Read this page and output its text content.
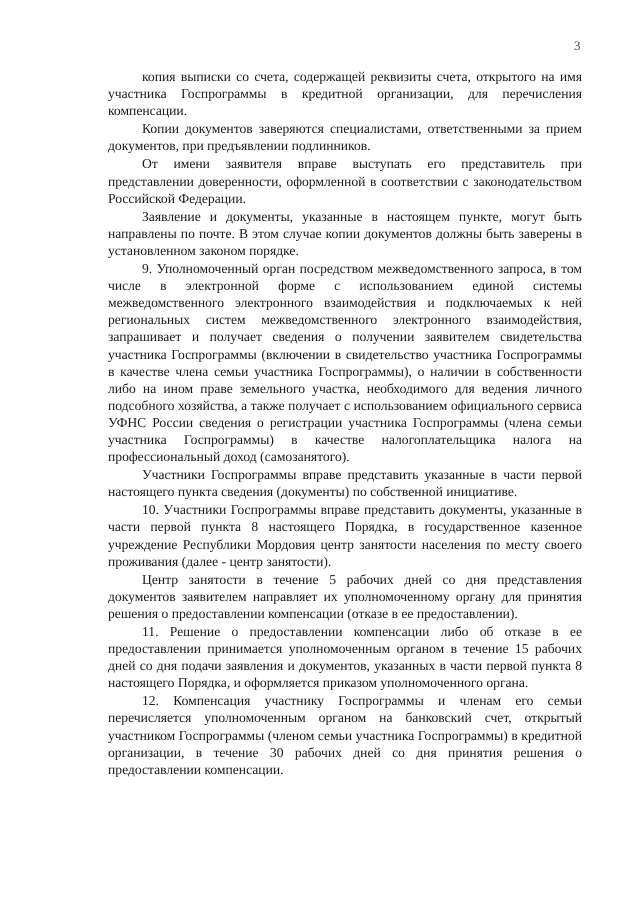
3

копия выписки со счета, содержащей реквизиты счета, открытого на имя участника Госпрограммы в кредитной организации, для перечисления компенсации.

Копии документов заверяются специалистами, ответственными за прием документов, при предъявлении подлинников.

От имени заявителя вправе выступать его представитель при представлении доверенности, оформленной в соответствии с законодательством Российской Федерации.

Заявление и документы, указанные в настоящем пункте, могут быть направлены по почте. В этом случае копии документов должны быть заверены в установленном законом порядке.

9. Уполномоченный орган посредством межведомственного запроса, в том числе в электронной форме с использованием единой системы межведомственного электронного взаимодействия и подключаемых к ней региональных систем межведомственного электронного взаимодействия, запрашивает и получает сведения о получении заявителем свидетельства участника Госпрограммы (включении в свидетельство участника Госпрограммы в качестве члена семьи участника Госпрограммы), о наличии в собственности либо на ином праве земельного участка, необходимого для ведения личного подсобного хозяйства, а также получает с использованием официального сервиса УФНС России сведения о регистрации участника Госпрограммы (члена семьи участника Госпрограммы) в качестве налогоплательщика налога на профессиональный доход (самозанятого).

Участники Госпрограммы вправе представить указанные в части первой настоящего пункта сведения (документы) по собственной инициативе.

10. Участники Госпрограммы вправе представить документы, указанные в части первой пункта 8 настоящего Порядка, в государственное казенное учреждение Республики Мордовия центр занятости населения по месту своего проживания (далее - центр занятости).

Центр занятости в течение 5 рабочих дней со дня представления документов заявителем направляет их уполномоченному органу для принятия решения о предоставлении компенсации (отказе в ее предоставлении).

11. Решение о предоставлении компенсации либо об отказе в ее предоставлении принимается уполномоченным органом в течение 15 рабочих дней со дня подачи заявления и документов, указанных в части первой пункта 8 настоящего Порядка, и оформляется приказом уполномоченного органа.

12. Компенсация участнику Госпрограммы и членам его семьи перечисляется уполномоченным органом на банковский счет, открытый участником Госпрограммы (членом семьи участника Госпрограммы) в кредитной организации, в течение 30 рабочих дней со дня принятия решения о предоставлении компенсации.
